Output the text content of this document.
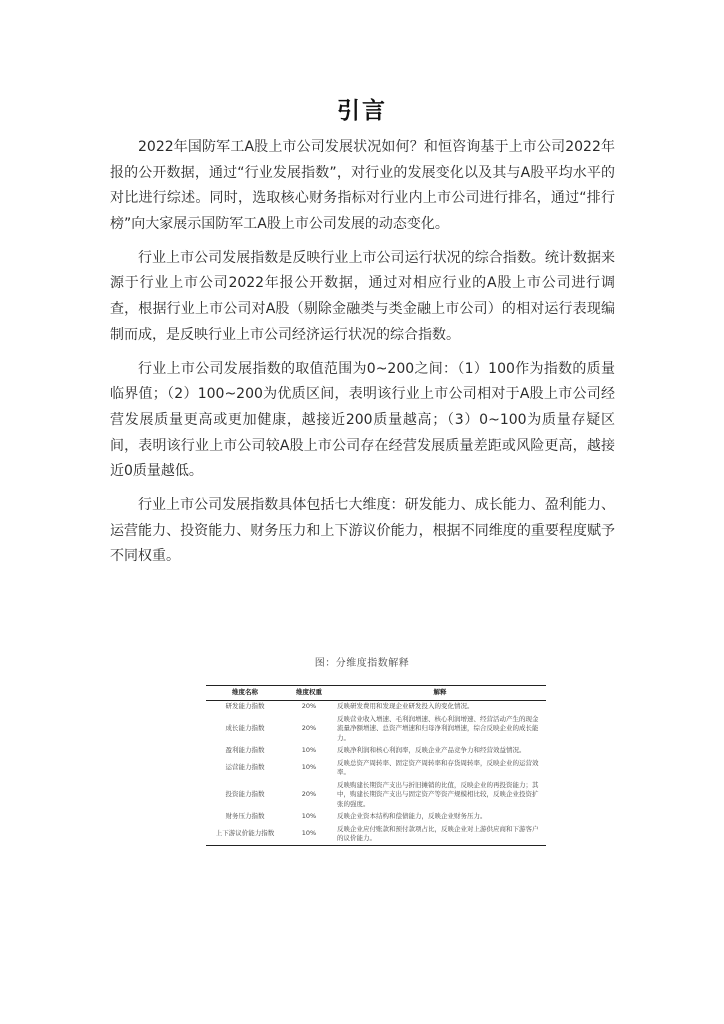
引言

2022年国防军工A股上市公司发展状况如何？和恒咨询基于上市公司2022年报的公开数据，通过“行业发展指数”，对行业的发展变化以及其与A股平均水平的对比进行综述。同时，选取核心财务指标对行业内上市公司进行排名，通过“排行榜”向大家展示国防军工A股上市公司发展的动态变化。

行业上市公司发展指数是反映行业上市公司运行状况的综合指数。统计数据来源于行业上市公司2022年报公开数据，通过对相应行业的A股上市公司进行调查，根据行业上市公司对A股（剔除金融类与类金融上市公司）的相对运行表现编制而成，是反映行业上市公司经济运行状况的综合指数。

行业上市公司发展指数的取值范围为0~200之间：（1）100作为指数的质量临界值；（2）100~200为优质区间，表明该行业上市公司相对于A股上市公司经营发展质量更高或更加健康，越接近200质量越高；（3）0~100为质量存疑区间，表明该行业上市公司较A股上市公司存在经营发展质量差距或风险更高，越接近0质量越低。

行业上市公司发展指数具体包括七大维度：研发能力、成长能力、盈利能力、运营能力、投资能力、财务压力和上下游议价能力，根据不同维度的重要程度赋予不同权重。

图：分维度指数解释
维度名称	维度权重	解释
研发能力指数	20%	反映研发费用和发现企业研发投入的变化情况。
成长能力指数	20%	反映营业收入增速、毛利润增速、核心利润增速、经营活动产生的现金流量净额增速、总资产增速和归母净利润增速，综合反映企业的成长能力。
盈利能力指数	10%	反映净利润和核心利润率，反映企业产品竞争力和经营效益情况。
运营能力指数	10%	反映总资产周转率、固定资产周转率和存货周转率，反映企业的运营效率。
投资能力指数	20%	反映购建长期资产支出与折旧摊销的比值，反映企业的再投资能力；其中，购建长期资产支出与固定资产等资产规模相比较，反映企业投资扩张的强度。
财务压力指数	10%	反映企业资本结构和偿债能力，反映企业财务压力。
上下游议价能力指数	10%	反映企业应付账款和预付款项占比，反映企业对上游供应商和下游客户的议价能力。
